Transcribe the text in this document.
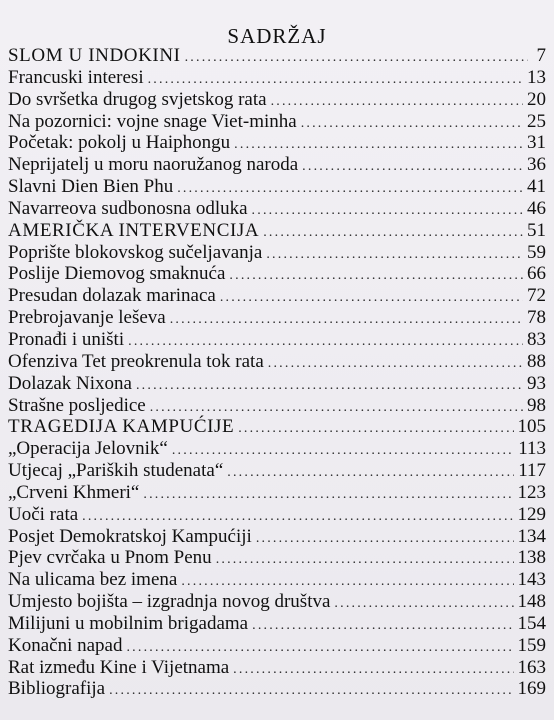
SADRŽAJ
SLOM U INDOKINI .....	7
Francuski interesi .....	13
Do svršetka drugog svjetskog rata .....	20
Na pozornici: vojne snage Viet-minha .....	25
Početak: pokolj u Haiphongu .....	31
Neprijatelj u moru naoružanog naroda .....	36
Slavni Dien Bien Phu .....	41
Navarreova sudbonosna odluka .....	46
AMERIČKA INTERVENCIJA .....	51
Poprište blokovskog sučeljavanja .....	59
Poslije Diemovog smaknuća .....	66
Presudan dolazak marinaca .....	72
Prebrojavanje leševa .....	78
Pronađi i uništi .....	83
Ofenziva Tet preokrenula tok rata .....	88
Dolazak Nixona .....	93
Strašne posljedice .....	98
TRAGEDIJA KAMPUĆIJE .....	105
„Operacija Jelovnik“ .....	113
Utjecaj „Pariških studenata“ .....	117
„Crveni Khmeri“ .....	123
Uoči rata .....	129
Posjet Demokratskoj Kampućiji .....	134
Pjev cvrčaka u Pnom Penu .....	138
Na ulicama bez imena .....	143
Umjesto bojišta – izgradnja novog društva .....	148
Milijuni u mobilnim brigadama .....	154
Konačni napad .....	159
Rat između Kine i Vijetnama .....	163
Bibliografija .....	169
